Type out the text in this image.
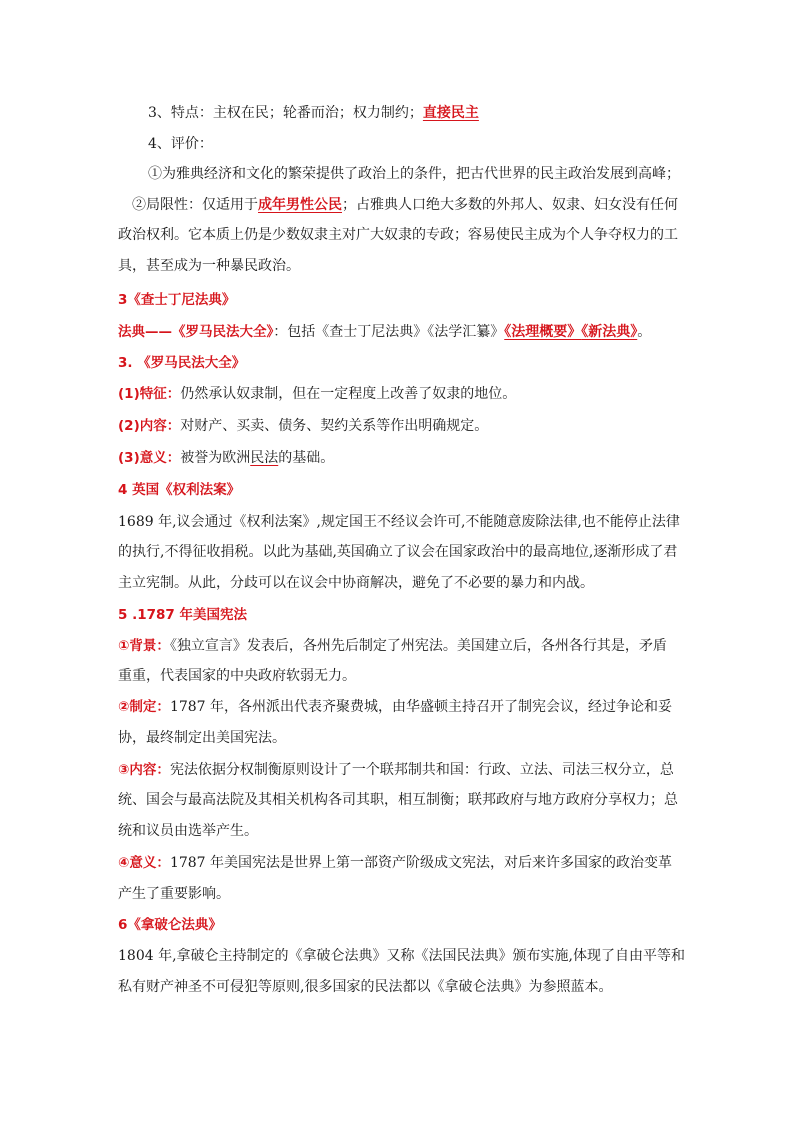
3、特点：主权在民；轮番而治；权力制约；直接民主
4、评价：
①为雅典经济和文化的繁荣提供了政治上的条件，把古代世界的民主政治发展到高峰；
②局限性：仅适用于成年男性公民；占雅典人口绝大多数的外邦人、奴隶、妇女没有任何
政治权利。它本质上仍是少数奴隶主对广大奴隶的专政；容易使民主成为个人争夺权力的工
具，甚至成为一种暴民政治。
3《查士丁尼法典》
法典——《罗马民法大全》：包括《查士丁尼法典》《法学汇纂》《法理概要》《新法典》。
3. 《罗马民法大全》
(1)特征：仍然承认奴隶制，但在一定程度上改善了奴隶的地位。
(2)内容：对财产、买卖、债务、契约关系等作出明确规定。
(3)意义：被誉为欧洲民法的基础。
4 英国《权利法案》
1689 年,议会通过《权利法案》,规定国王不经议会许可,不能随意废除法律,也不能停止法律
的执行,不得征收捐税。以此为基础,英国确立了议会在国家政治中的最高地位,逐渐形成了君
主立宪制。从此，分歧可以在议会中协商解决，避免了不必要的暴力和内战。
5 .1787 年美国宪法
①背景：《独立宣言》发表后，各州先后制定了州宪法。美国建立后，各州各行其是，矛盾
重重，代表国家的中央政府软弱无力。
②制定：1787 年，各州派出代表齐聚费城，由华盛顿主持召开了制宪会议，经过争论和妥
协，最终制定出美国宪法。
③内容：宪法依据分权制衡原则设计了一个联邦制共和国：行政、立法、司法三权分立，总
统、国会与最高法院及其相关机构各司其职，相互制衡；联邦政府与地方政府分享权力；总
统和议员由选举产生。
④意义：1787 年美国宪法是世界上第一部资产阶级成文宪法，对后来许多国家的政治变革
产生了重要影响。
6《拿破仑法典》
1804 年,拿破仑主持制定的《拿破仑法典》又称《法国民法典》颁布实施,体现了自由平等和
私有财产神圣不可侵犯等原则,很多国家的民法都以《拿破仑法典》为参照蓝本。
